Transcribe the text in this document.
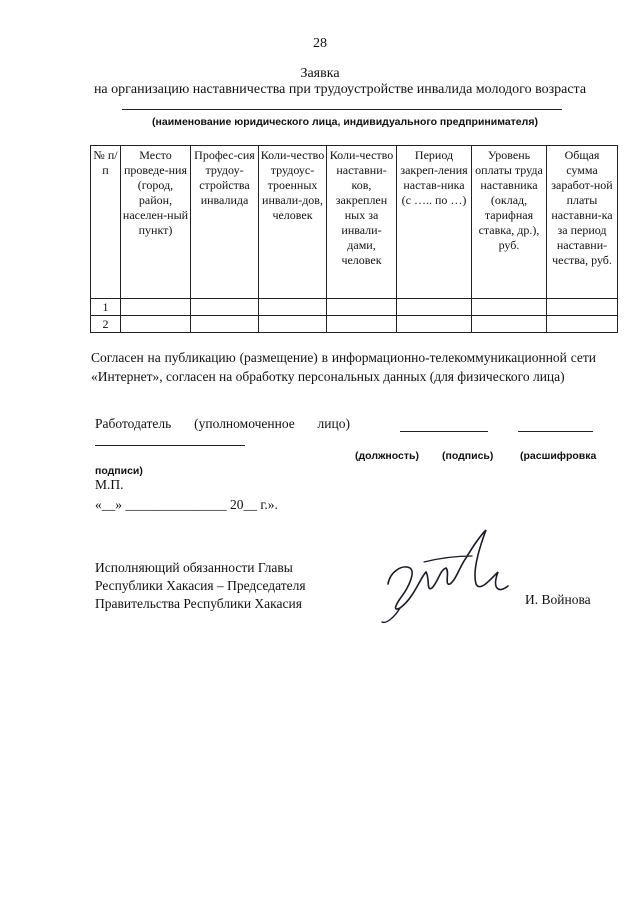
28
Заявка
на организацию наставничества при трудоустройстве инвалида молодого возраста
(наименование юридического лица, индивидуального предпринимателя)
№ п/п	Место проведе-ния (город, район, населен-ный пункт)	Профес-сия трудоу-стройства инвалида	Коли-чество трудоус-троенных инвали-дов, человек	Коли-чество наставни-ков, закреплен ных за инвали-дами, человек	Период закреп-ления настав-ника (с ….. по …)	Уровень оплаты труда наставника (оклад, тарифная ставка, др.), руб.	Общая сумма заработ-ной платы наставни-ка за период наставни-чества, руб.
1							
2							
Согласен на публикацию (размещение) в информационно-телекоммуникационной сети «Интернет», согласен на обработку персональных данных (для физического лица)
Работодатель (уполномоченное лицо)
(должность) (подпись)	(расшифровка
подписи)
М.П.
«__» _______________ 20__ г.».
Исполняющий обязанности Главы
Республики Хакасия – Председателя
Правительства Республики Хакасия	И. Войнова
